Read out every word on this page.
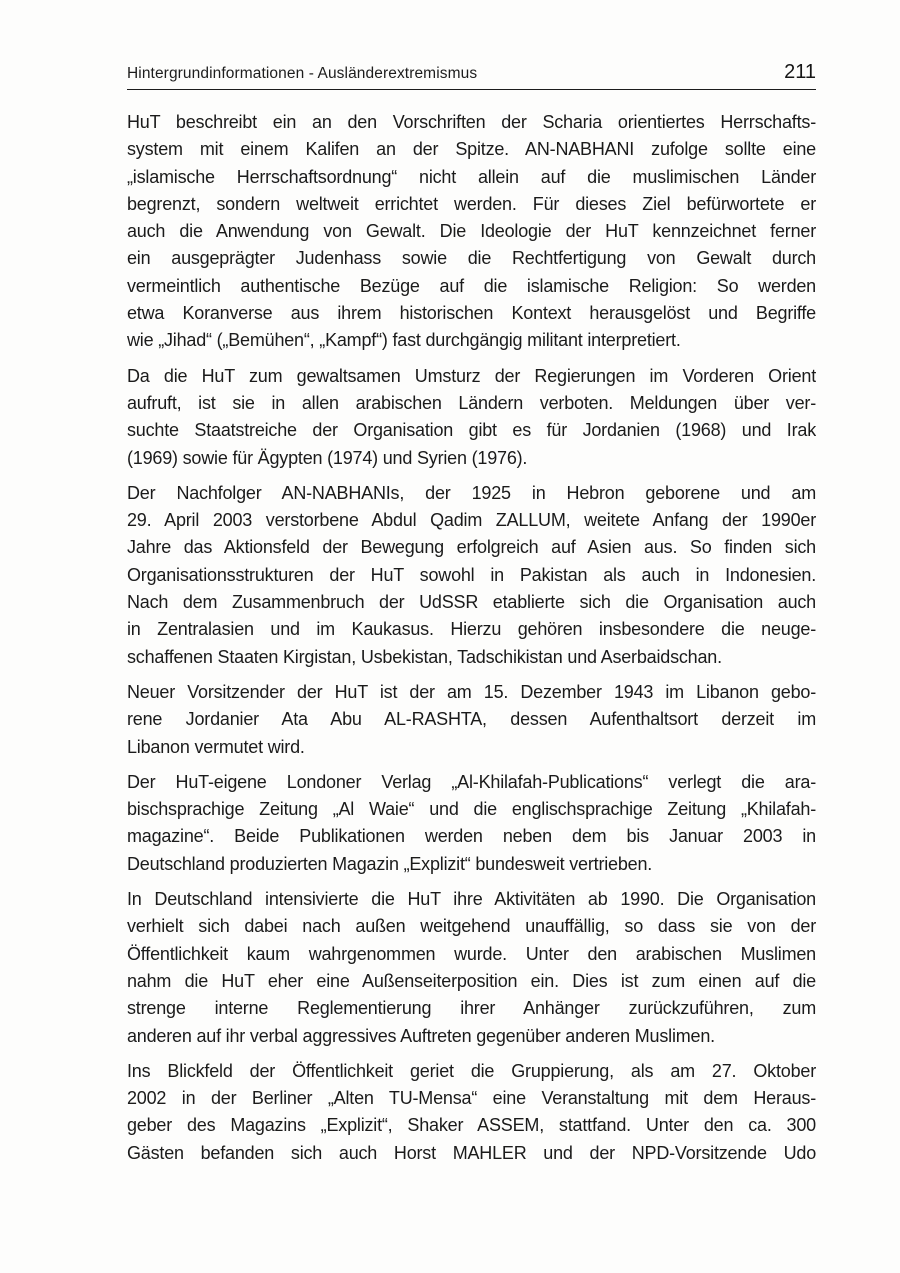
Hintergrundinformationen - Ausländerextremismus	211
HuT beschreibt ein an den Vorschriften der Scharia orientiertes Herrschafts-
system mit einem Kalifen an der Spitze. AN-NABHANI zufolge sollte eine
„islamische Herrschaftsordnung“ nicht allein auf die muslimischen Länder
begrenzt, sondern weltweit errichtet werden. Für dieses Ziel befürwortete er
auch die Anwendung von Gewalt. Die Ideologie der HuT kennzeichnet ferner
ein ausgeprägter Judenhass sowie die Rechtfertigung von Gewalt durch
vermeintlich authentische Bezüge auf die islamische Religion: So werden
etwa Koranverse aus ihrem historischen Kontext herausgelöst und Begriffe
wie „Jihad“ („Bemühen“, „Kampf“) fast durchgängig militant interpretiert.
Da die HuT zum gewaltsamen Umsturz der Regierungen im Vorderen Orient
aufruft, ist sie in allen arabischen Ländern verboten. Meldungen über ver-
suchte Staatstreiche der Organisation gibt es für Jordanien (1968) und Irak
(1969) sowie für Ägypten (1974) und Syrien (1976).
Der Nachfolger AN-NABHANIs, der 1925 in Hebron geborene und am
29. April 2003 verstorbene Abdul Qadim ZALLUM, weitete Anfang der 1990er
Jahre das Aktionsfeld der Bewegung erfolgreich auf Asien aus. So finden sich
Organisationsstrukturen der HuT sowohl in Pakistan als auch in Indonesien.
Nach dem Zusammenbruch der UdSSR etablierte sich die Organisation auch
in Zentralasien und im Kaukasus. Hierzu gehören insbesondere die neuge-
schaffenen Staaten Kirgistan, Usbekistan, Tadschikistan und Aserbaidschan.
Neuer Vorsitzender der HuT ist der am 15. Dezember 1943 im Libanon gebo-
rene Jordanier Ata Abu AL-RASHTA, dessen Aufenthaltsort derzeit im
Libanon vermutet wird.
Der HuT-eigene Londoner Verlag „Al-Khilafah-Publications“ verlegt die ara-
bischsprachige Zeitung „Al Waie“ und die englischsprachige Zeitung „Khilafah-
magazine“. Beide Publikationen werden neben dem bis Januar 2003 in
Deutschland produzierten Magazin „Explizit“ bundesweit vertrieben.
In Deutschland intensivierte die HuT ihre Aktivitäten ab 1990. Die Organisation
verhielt sich dabei nach außen weitgehend unauffällig, so dass sie von der
Öffentlichkeit kaum wahrgenommen wurde. Unter den arabischen Muslimen
nahm die HuT eher eine Außenseiterposition ein. Dies ist zum einen auf die
strenge interne Reglementierung ihrer Anhänger zurückzuführen, zum
anderen auf ihr verbal aggressives Auftreten gegenüber anderen Muslimen.
Ins Blickfeld der Öffentlichkeit geriet die Gruppierung, als am 27. Oktober
2002 in der Berliner „Alten TU-Mensa“ eine Veranstaltung mit dem Heraus-
geber des Magazins „Explizit“, Shaker ASSEM, stattfand. Unter den ca. 300
Gästen befanden sich auch Horst MAHLER und der NPD-Vorsitzende Udo
